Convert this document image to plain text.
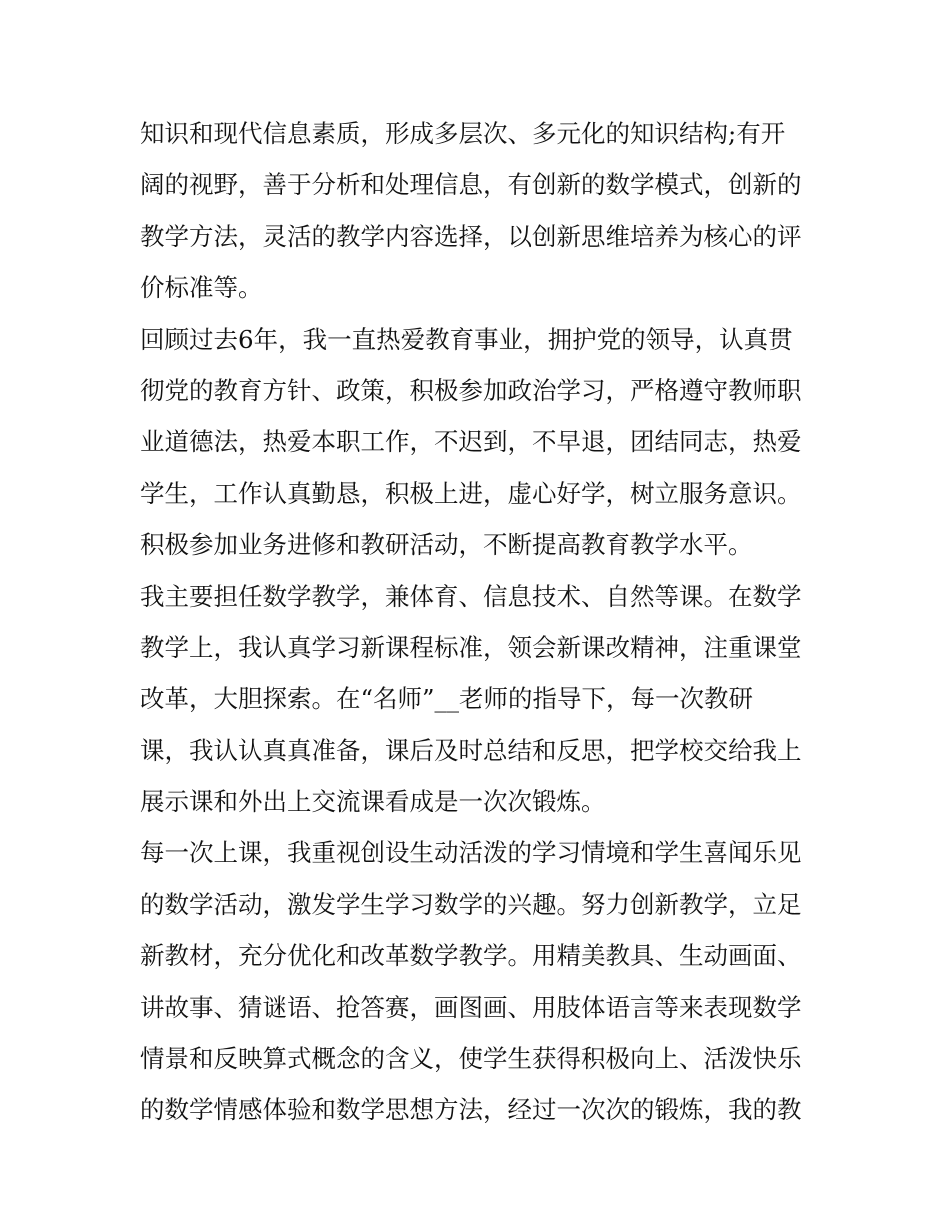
知识和现代信息素质，形成多层次、多元化的知识结构;有开
阔的视野，善于分析和处理信息，有创新的数学模式，创新的
教学方法，灵活的教学内容选择，以创新思维培养为核心的评
价标准等。
回顾过去6年，我一直热爱教育事业，拥护党的领导，认真贯
彻党的教育方针、政策，积极参加政治学习，严格遵守教师职
业道德法，热爱本职工作，不迟到，不早退，团结同志，热爱
学生，工作认真勤恳，积极上进，虚心好学，树立服务意识。
积极参加业务进修和教研活动，不断提高教育教学水平。
我主要担任数学教学，兼体育、信息技术、自然等课。在数学
教学上，我认真学习新课程标准，领会新课改精神，注重课堂
改革，大胆探索。在“名师”__老师的指导下，每一次教研
课，我认认真真准备，课后及时总结和反思，把学校交给我上
展示课和外出上交流课看成是一次次锻炼。
每一次上课，我重视创设生动活泼的学习情境和学生喜闻乐见
的数学活动，激发学生学习数学的兴趣。努力创新教学，立足
新教材，充分优化和改革数学教学。用精美教具、生动画面、
讲故事、猜谜语、抢答赛，画图画、用肢体语言等来表现数学
情景和反映算式概念的含义，使学生获得积极向上、活泼快乐
的数学情感体验和数学思想方法，经过一次次的锻炼，我的教
